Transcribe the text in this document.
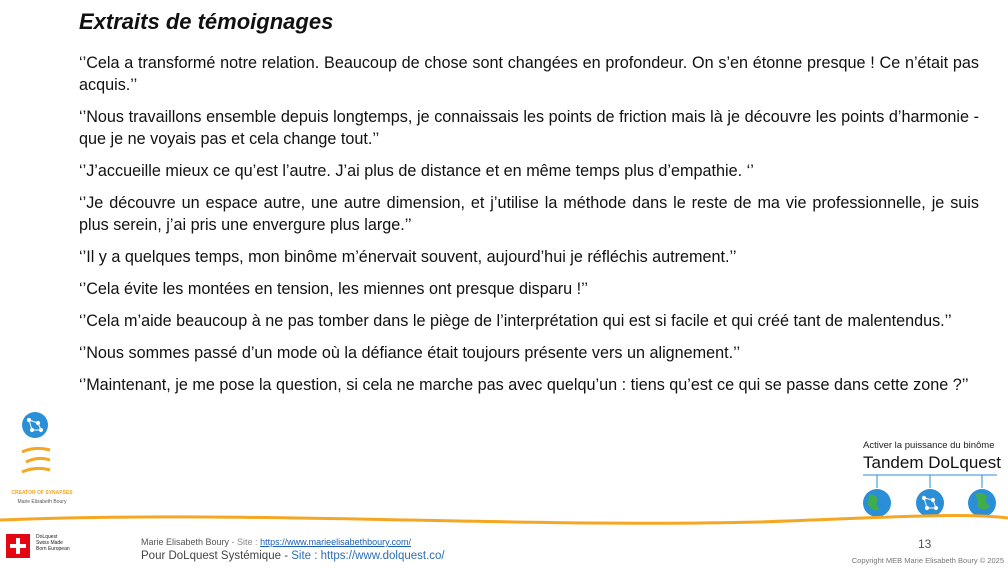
Extraits de témoignages

‘’Cela a transformé notre relation. Beaucoup de chose sont changées en profondeur. On s’en étonne presque ! Ce n’était pas acquis.’’

‘’Nous travaillons ensemble depuis longtemps, je connaissais les points de friction mais là je découvre les points d’harmonie -que je ne voyais pas et cela change tout.’’

‘’J’accueille mieux ce qu’est l’autre. J’ai plus de distance et en même temps plus d’empathie. ‘’

‘’Je découvre un espace autre, une autre dimension, et j’utilise la méthode dans le reste de ma vie professionnelle, je suis plus serein, j’ai pris une envergure plus large.’’

‘’Il y a quelques temps, mon binôme m’énervait souvent, aujourd’hui je réfléchis autrement.’’

‘’Cela évite les montées en tension, les miennes ont presque disparu !’’

‘’Cela m’aide beaucoup à ne pas tomber dans le piège de l’interprétation qui est si facile et qui créé tant de malentendus.’’

‘’Nous sommes passé d’un mode où la défiance était toujours présente vers un alignement.’’

‘’Maintenant, je me pose la question, si cela ne marche pas avec quelqu’un : tiens qu’est ce qui se passe dans cette zone ?’’

CREATOR OF SYNAPSES
Marie Elisabeth Boury
Activer la puissance du binôme
Tandem DoLquest
DoLquest
Swiss Made
Born European
Marie Elisabeth Boury - Site : https://www.marieelisabethboury.com/
Pour DoLquest Systémique - Site : https://www.dolquest.co/
13
Copyright MEB Marie Elisabeth Boury © 2025
